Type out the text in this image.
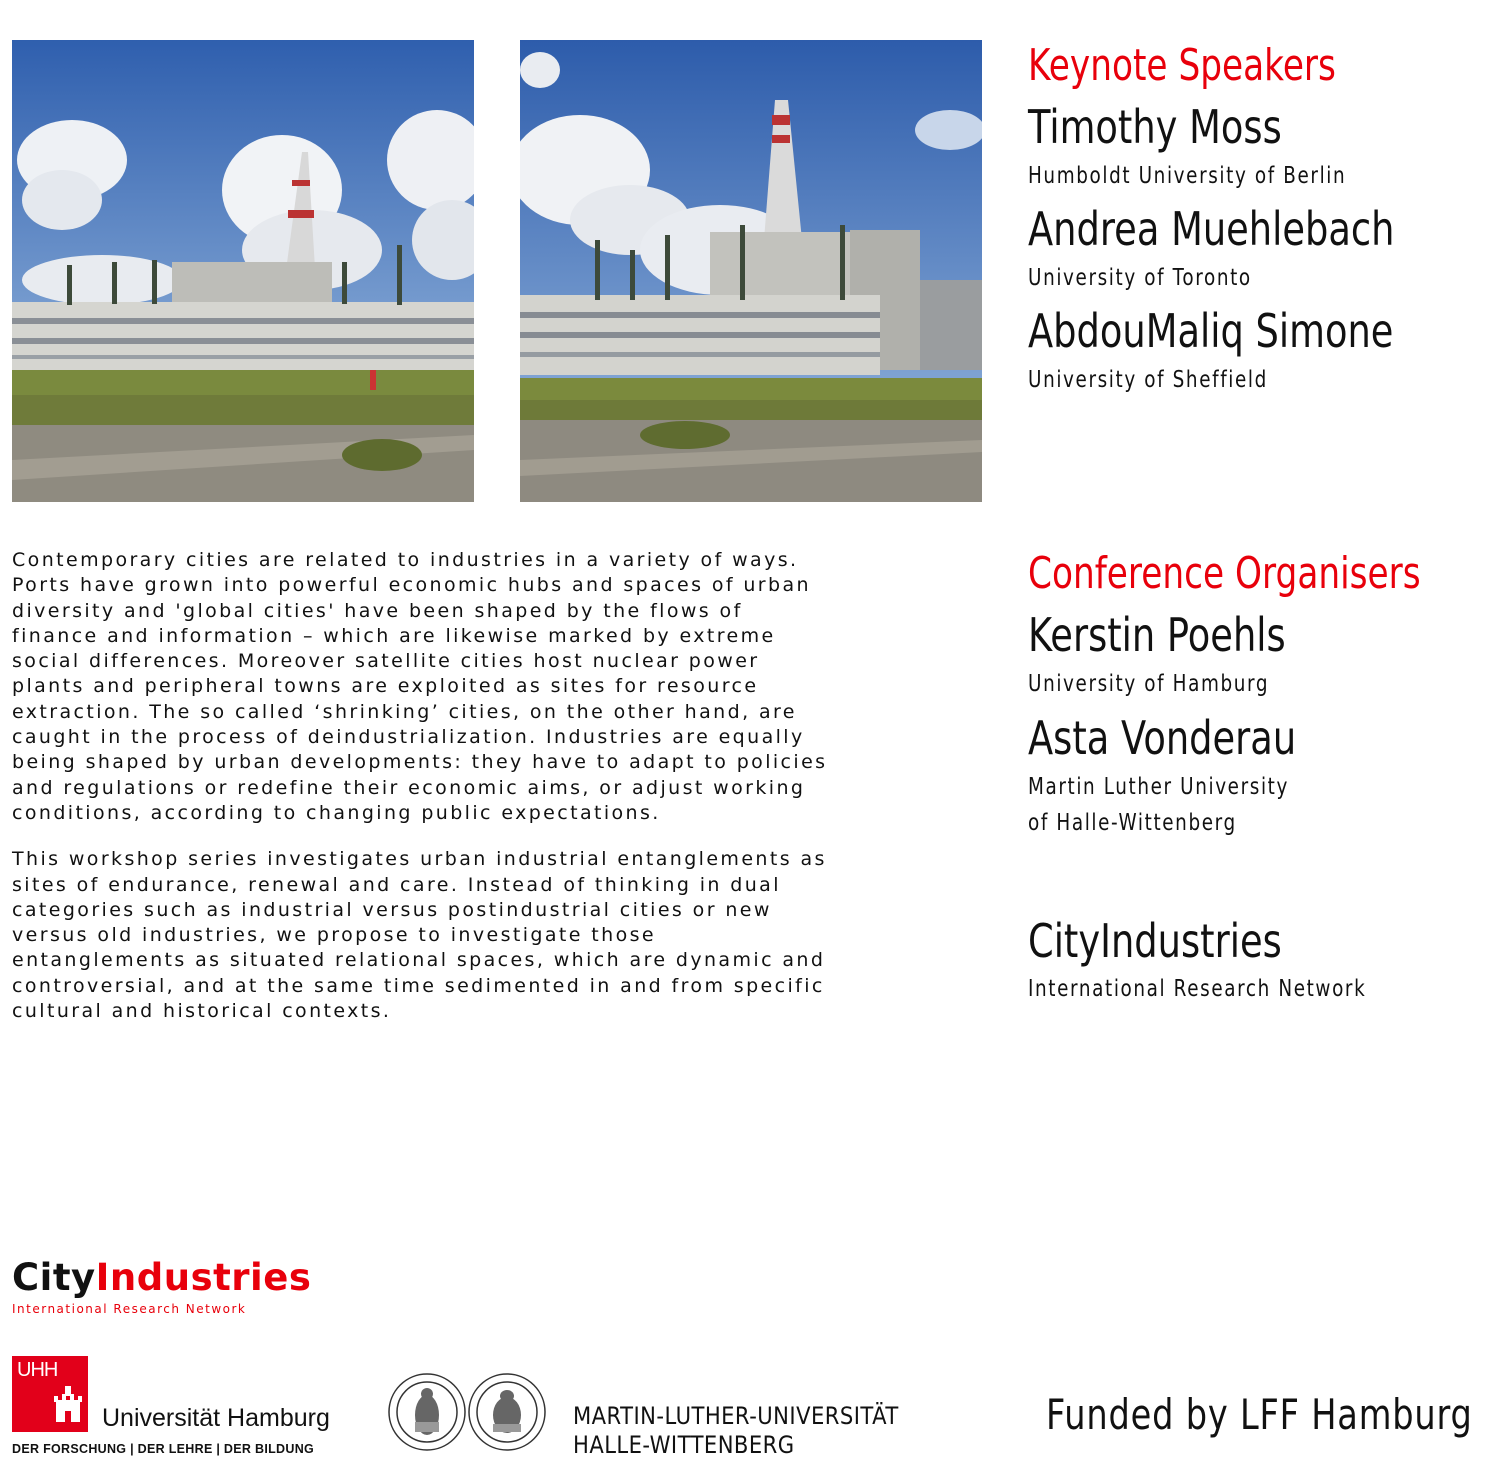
Keynote Speakers
Timothy Moss
Humboldt University of Berlin
Andrea Muehlebach
University of Toronto
AbdouMaliq Simone
University of Sheffield
Conference Organisers
Kerstin Poehls
University of Hamburg
Asta Vonderau
Martin Luther University
of Halle-Wittenberg
CityIndustries
International Research Network

Contemporary cities are related to industries in a variety of ways.
Ports have grown into powerful economic hubs and spaces of urban
diversity and 'global cities' have been shaped by the flows of
finance and information – which are likewise marked by extreme
social differences. Moreover satellite cities host nuclear power
plants and peripheral towns are exploited as sites for resource
extraction. The so called ‘shrinking’ cities, on the other hand, are
caught in the process of deindustrialization. Industries are equally
being shaped by urban developments: they have to adapt to policies
and regulations or redefine their economic aims, or adjust working
conditions, according to changing public expectations.

This workshop series investigates urban industrial entanglements as
sites of endurance, renewal and care. Instead of thinking in dual
categories such as industrial versus postindustrial cities or new
versus old industries, we propose to investigate those
entanglements as situated relational spaces, which are dynamic and
controversial, and at the same time sedimented in and from specific
cultural and historical contexts.

CityIndustries
International Research Network
UHH
Universität Hamburg
DER FORSCHUNG | DER LEHRE | DER BILDUNG
MARTIN-LUTHER-UNIVERSITÄT
HALLE-WITTENBERG
Funded by LFF Hamburg
